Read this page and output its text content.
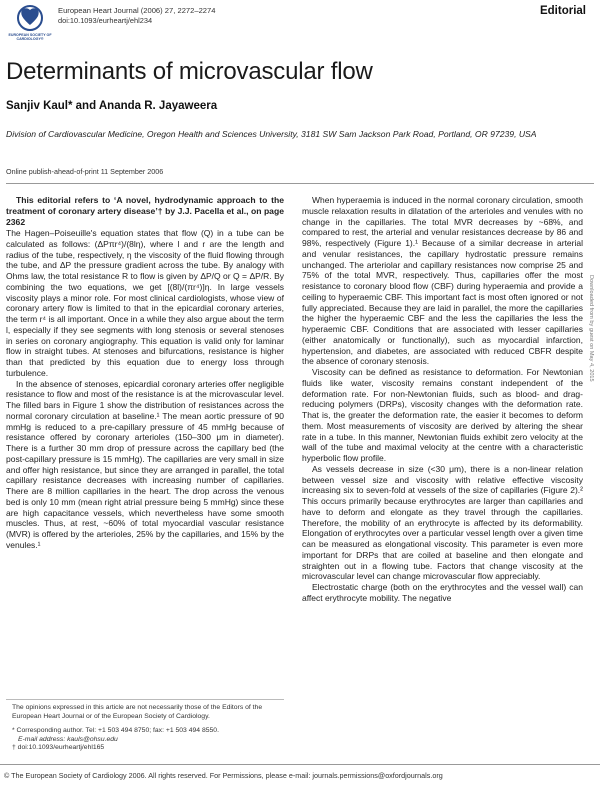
EUROPEAN SOCIETY OF CARDIOLOGY®
European Heart Journal (2006) 27, 2272–2274
doi:10.1093/eurheartj/ehl234
Editorial
Determinants of microvascular flow
Sanjiv Kaul* and Ananda R. Jayaweera
Division of Cardiovascular Medicine, Oregon Health and Sciences University, 3181 SW Sam Jackson Park Road, Portland, OR 97239, USA
Online publish-ahead-of-print 11 September 2006

This editorial refers to ‘A novel, hydrodynamic approach to the treatment of coronary artery disease’† by J.J. Pacella et al., on page 2362

The Hagen–Poiseuille's equation states that flow (Q) in a tube can be calculated as follows: (ΔPπr⁴)/(8lη), where l and r are the length and radius of the tube, respectively, η the viscosity of the fluid flowing through the tube, and ΔP the pressure gradient across the tube. By analogy with Ohms law, the total resistance R to flow is given by ΔP/Q or Q = ΔP/R. By combining the two equations, we get [(8l)/(πr⁴)]η. In large vessels viscosity plays a minor role. For most clinical cardiologists, whose view of coronary artery flow is limited to that in the epicardial coronary arteries, the term r⁴ is all important. Once in a while they also argue about the term l, especially if they see segments with long stenosis or several stenoses in series on coronary angiography. This equation is valid only for laminar flow in straight tubes. At stenoses and bifurcations, resistance is higher than that predicted by this equation due to energy loss through turbulence.

In the absence of stenoses, epicardial coronary arteries offer negligible resistance to flow and most of the resistance is at the microvascular level. The filled bars in Figure 1 show the distribution of resistances across the normal coronary circulation at baseline.¹ The mean aortic pressure of 90 mmHg is reduced to a pre-capillary pressure of 45 mmHg because of resistance offered by coronary arterioles (150–300 μm in diameter). There is a further 30 mm drop of pressure across the capillary bed (the post-capillary pressure is 15 mmHg). The capillaries are very small in size and offer high resistance, but since they are arranged in parallel, the total capillary resistance decreases with increasing number of capillaries. There are 8 million capillaries in the heart. The drop across the venous bed is only 10 mm (mean right atrial pressure being 5 mmHg) since these are high capacitance vessels, which nevertheless have some smooth muscles. Thus, at rest, ~60% of total myocardial vascular resistance (MVR) is offered by the arterioles, 25% by the capillaries, and 15% by the venules.¹

When hyperaemia is induced in the normal coronary circulation, smooth muscle relaxation results in dilatation of the arterioles and venules with no change in the capillaries. The total MVR decreases by ~68%, and compared to rest, the arterial and venular resistances decrease by 86 and 98%, respectively (Figure 1).¹ Because of a similar decrease in arterial and venular resistances, the capillary hydrostatic pressure remains unchanged. The arteriolar and capillary resistances now comprise 25 and 75% of the total MVR, respectively. Thus, capillaries offer the most resistance to coronary blood flow (CBF) during hyperaemia and provide a ceiling to hyperaemic CBF. This important fact is most often ignored or not fully appreciated. Because they are laid in parallel, the more the capillaries the higher the hyperaemic CBF and the less the capillaries the less the hyperaemic CBF. Conditions that are associated with lesser capillaries (either anatomically or functionally), such as myocardial infarction, hypertension, and diabetes, are associated with reduced CBFR despite the absence of coronary stenosis.

Viscosity can be defined as resistance to deformation. For Newtonian fluids like water, viscosity remains constant independent of the deformation rate. For non-Newtonian fluids, such as blood- and drag-reducing polymers (DRPs), viscosity changes with the deformation rate. That is, the greater the deformation rate, the easier it becomes to deform them. Most measurements of viscosity are derived by altering the shear rate in a tube. In this manner, Newtonian fluids exhibit zero velocity at the wall of the tube and maximal velocity at the centre with a characteristic hyperbolic flow profile.

As vessels decrease in size (<30 μm), there is a non-linear relation between vessel size and viscosity with relative effective viscosity increasing six to seven-fold at vessels of the size of capillaries (Figure 2).² This occurs primarily because erythrocytes are larger than capillaries and have to deform and elongate as they travel through the capillaries. Therefore, the mobility of an erythrocyte is affected by its deformability. Elongation of erythrocytes over a particular vessel length over a given time can be measured as elongational viscosity. This parameter is even more important for DRPs that are coiled at baseline and then elongate and straighten out in a flowing tube. Factors that change viscosity at the microvascular level can change microvascular flow appreciably.

Electrostatic charge (both on the erythrocytes and the vessel wall) can affect erythrocyte mobility. The negative

The opinions expressed in this article are not necessarily those of the Editors of the European Heart Journal or of the European Society of Cardiology.
* Corresponding author. Tel: +1 503 494 8750; fax: +1 503 494 8550.
E-mail address: kauls@ohsu.edu
† doi:10.1093/eurheartj/ehl165
© The European Society of Cardiology 2006. All rights reserved. For Permissions, please e-mail: journals.permissions@oxfordjournals.org
Downloaded from by guest on May 4, 2015
